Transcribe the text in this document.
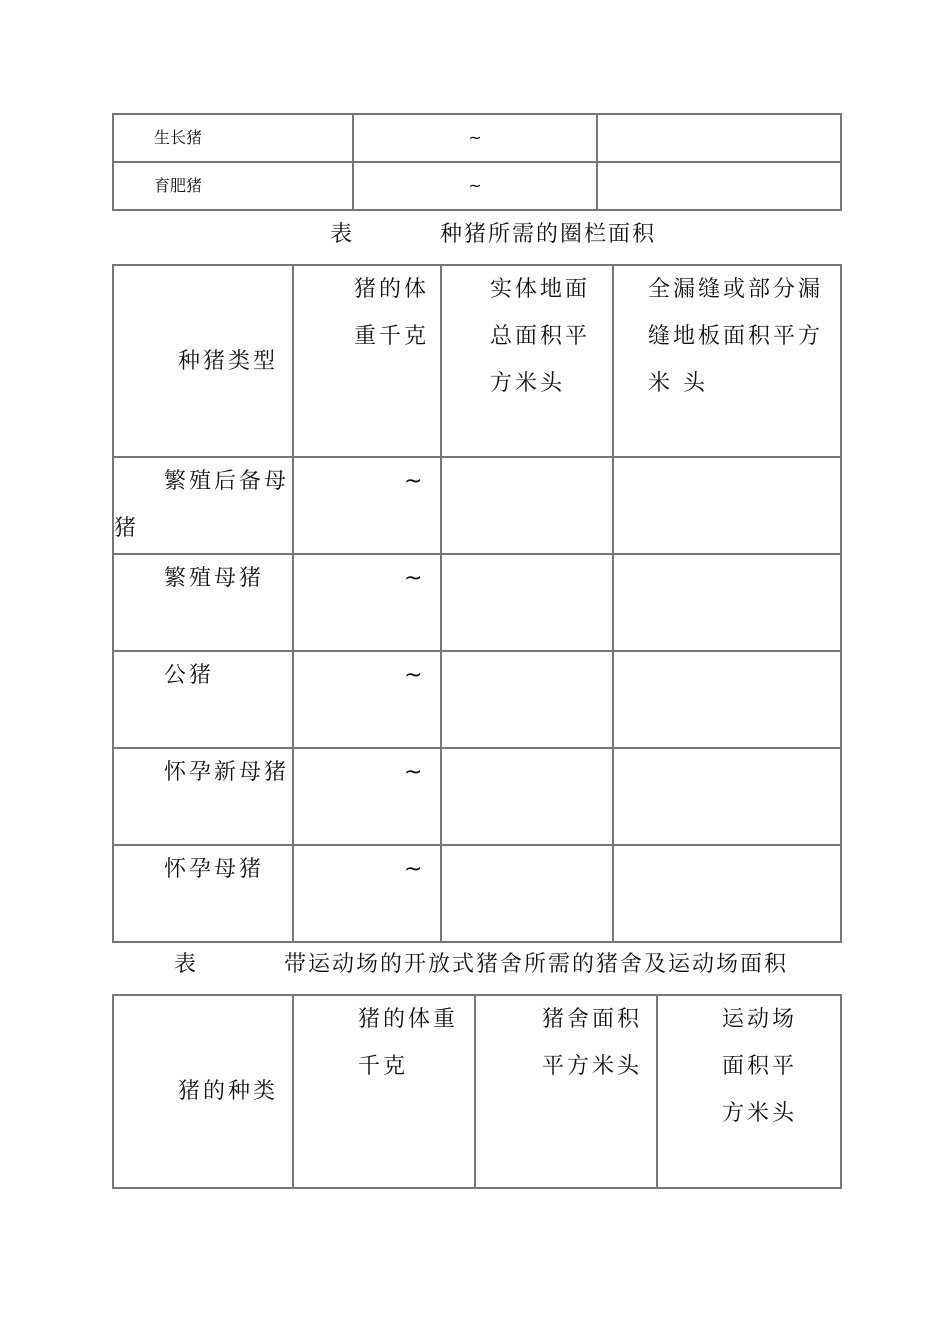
生长猪	~	
育肥猪	~	
表	种猪所需的圈栏面积
种猪类型	猪的体重千克	实体地面总面积平方米头	全漏缝或部分漏缝地板面积平方米 头
繁殖后备母猪	~		
繁殖母猪	~		
公猪	~		
怀孕新母猪	~		
怀孕母猪	~		
表	带运动场的开放式猪舍所需的猪舍及运动场面积
猪的种类	猪的体重千克	猪舍面积平方米头	运动场面积平方米头
